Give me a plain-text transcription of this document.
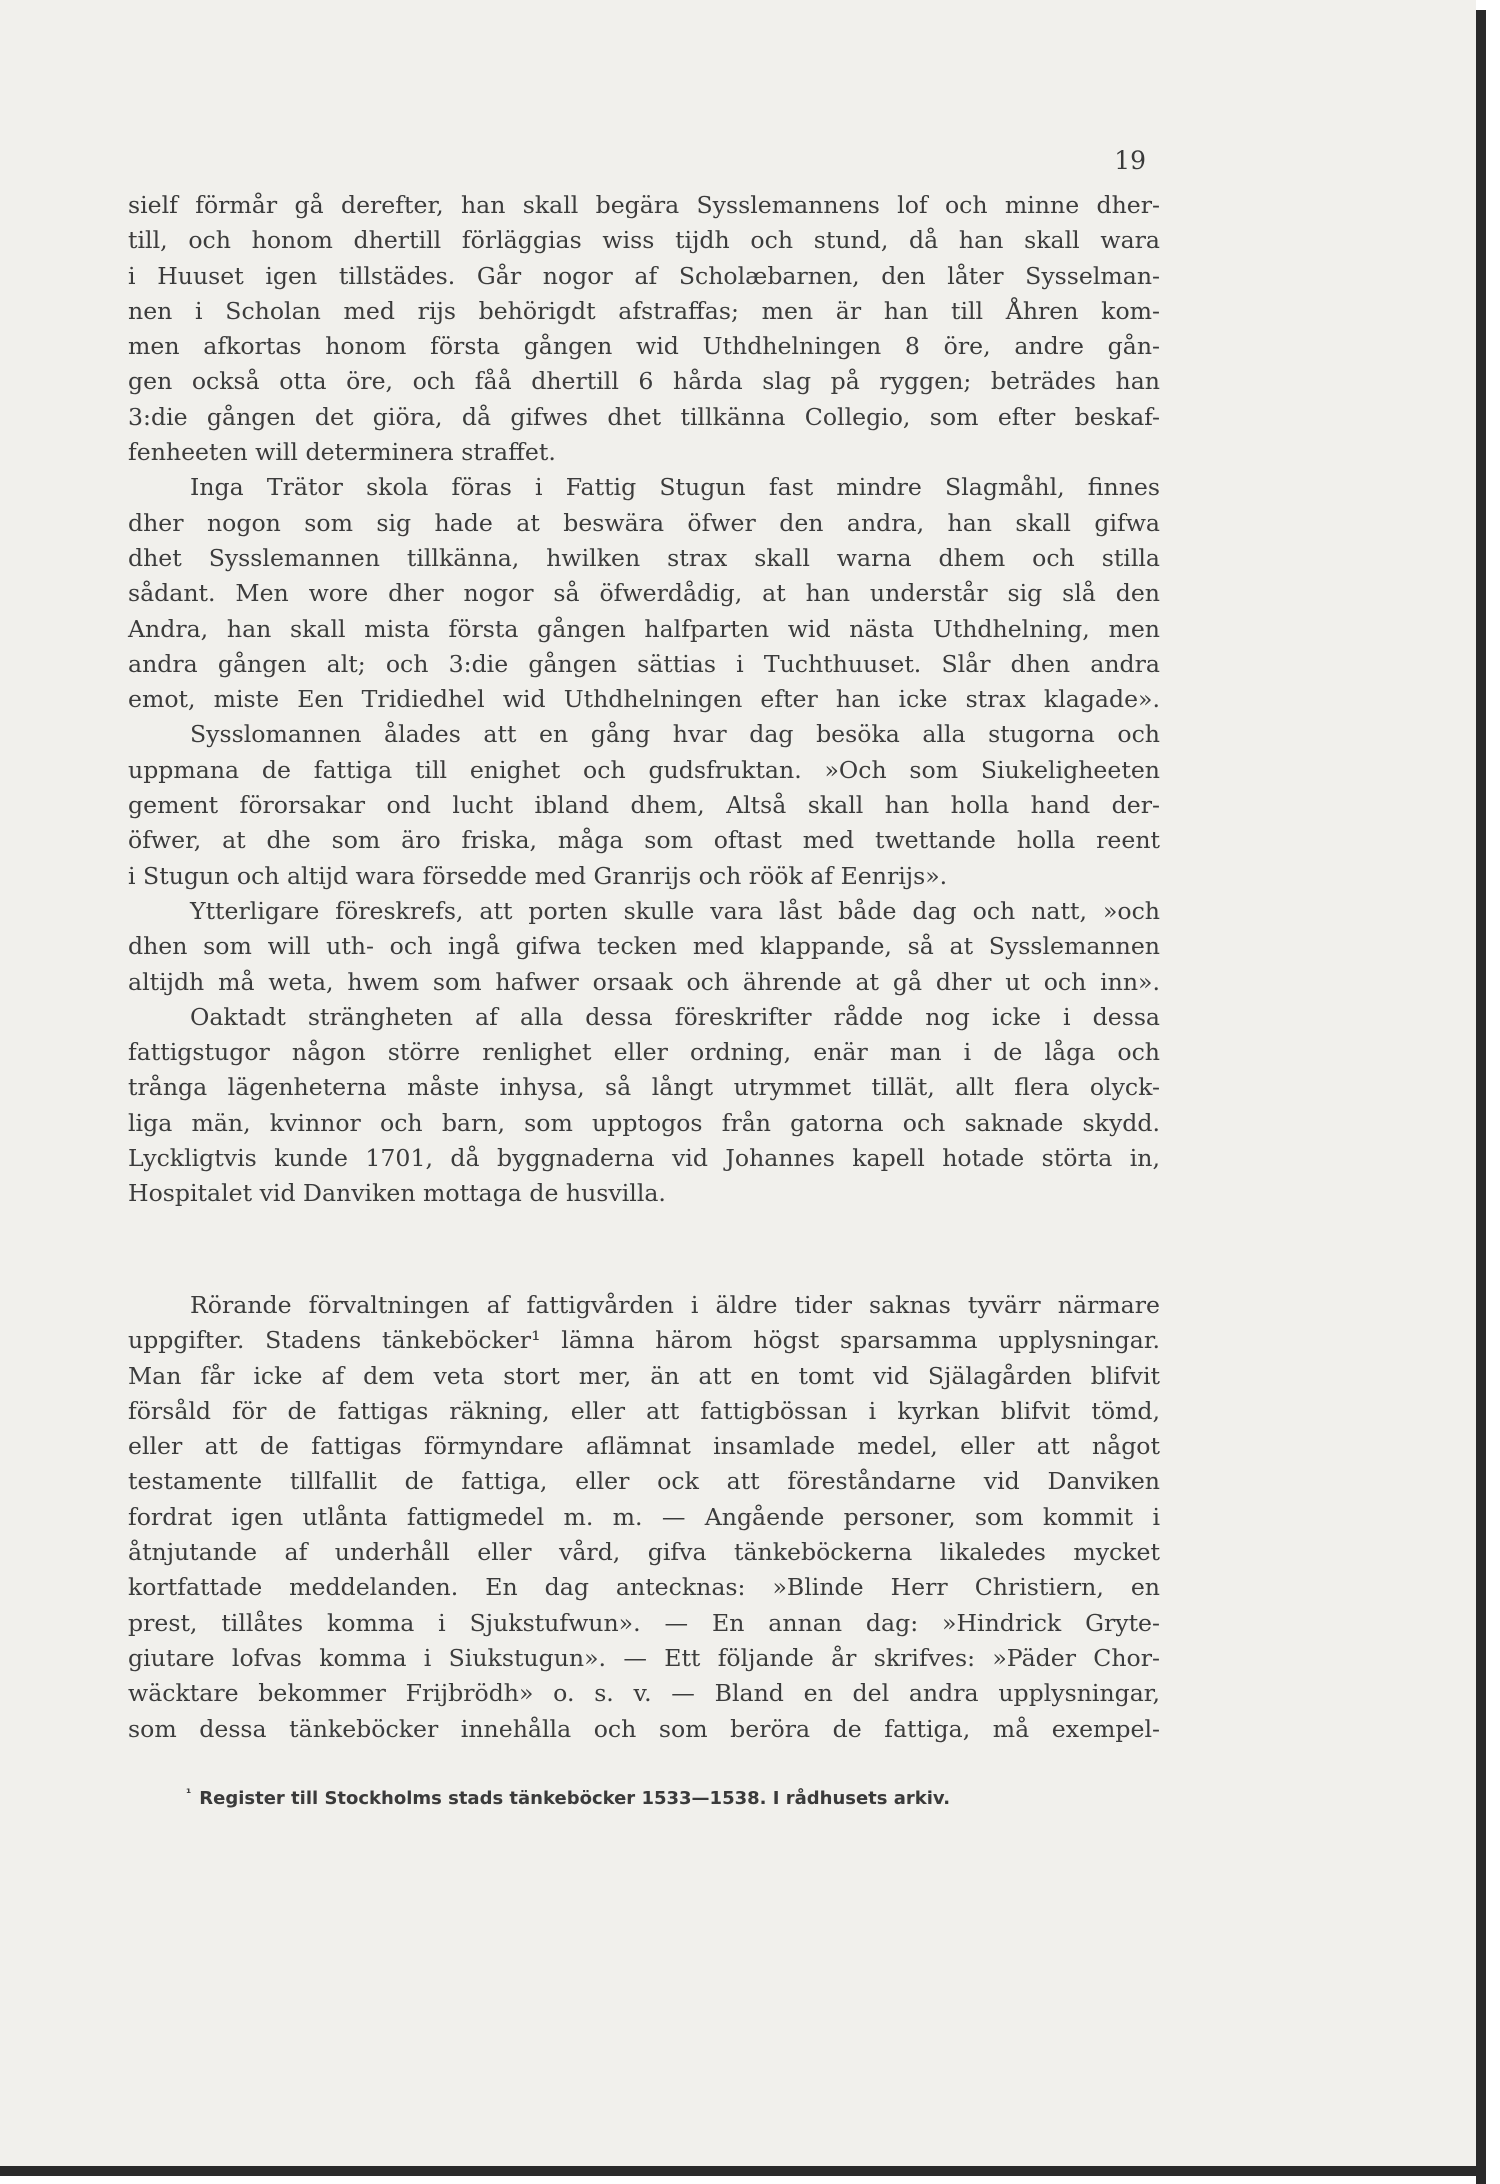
19
sielf förmår gå derefter, han skall begära Sysslemannens lof och minne dher-
till, och honom dhertill förläggias wiss tijdh och stund, då han skall wara
i Huuset igen tillstädes. Går nogor af Scholæbarnen, den låter Sysselman-
nen i Scholan med rijs behörigdt afstraffas; men är han till Åhren kom-
men afkortas honom första gången wid Uthdhelningen 8 öre, andre gån-
gen också otta öre, och fåå dhertill 6 hårda slag på ryggen; beträdes han
3:die gången det giöra, då gifwes dhet tillkänna Collegio, som efter beskaf-
fenheeten will determinera straffet.
Inga Trätor skola föras i Fattig Stugun fast mindre Slagmåhl, finnes
dher nogon som sig hade at beswära öfwer den andra, han skall gifwa
dhet Sysslemannen tillkänna, hwilken strax skall warna dhem och stilla
sådant. Men wore dher nogor så öfwerdådig, at han understår sig slå den
Andra, han skall mista första gången halfparten wid nästa Uthdhelning, men
andra gången alt; och 3:die gången sättias i Tuchthuuset. Slår dhen andra
emot, miste Een Tridiedhel wid Uthdhelningen efter han icke strax klagade».
Sysslomannen ålades att en gång hvar dag besöka alla stugorna och
uppmana de fattiga till enighet och gudsfruktan. »Och som Siukeligheeten
gement förorsakar ond lucht ibland dhem, Altså skall han holla hand der-
öfwer, at dhe som äro friska, måga som oftast med twettande holla reent
i Stugun och altijd wara försedde med Granrijs och röök af Eenrijs».
Ytterligare föreskrefs, att porten skulle vara låst både dag och natt, »och
dhen som will uth- och ingå gifwa tecken med klappande, så at Sysslemannen
altijdh må weta, hwem som hafwer orsaak och ährende at gå dher ut och inn».
Oaktadt strängheten af alla dessa föreskrifter rådde nog icke i dessa
fattigstugor någon större renlighet eller ordning, enär man i de låga och
trånga lägenheterna måste inhysa, så långt utrymmet tillät, allt flera olyck-
liga män, kvinnor och barn, som upptogos från gatorna och saknade skydd.
Lyckligtvis kunde 1701, då byggnaderna vid Johannes kapell hotade störta in,
Hospitalet vid Danviken mottaga de husvilla.
Rörande förvaltningen af fattigvården i äldre tider saknas tyvärr närmare
uppgifter. Stadens tänkeböcker¹ lämna härom högst sparsamma upplysningar.
Man får icke af dem veta stort mer, än att en tomt vid Själagården blifvit
försåld för de fattigas räkning, eller att fattigbössan i kyrkan blifvit tömd,
eller att de fattigas förmyndare aflämnat insamlade medel, eller att något
testamente tillfallit de fattiga, eller ock att föreståndarne vid Danviken
fordrat igen utlånta fattigmedel m. m. — Angående personer, som kommit i
åtnjutande af underhåll eller vård, gifva tänkeböckerna likaledes mycket
kortfattade meddelanden. En dag antecknas: »Blinde Herr Christiern, en
prest, tillåtes komma i Sjukstufwun». — En annan dag: »Hindrick Gryte-
giutare lofvas komma i Siukstugun». — Ett följande år skrifves: »Päder Chor-
wäcktare bekommer Frijbrödh» o. s. v. — Bland en del andra upplysningar,
som dessa tänkeböcker innehålla och som beröra de fattiga, må exempel-
$^{^1}$ Register till Stockholms stads tänkeböcker 1533—1538. I rådhusets arkiv.
